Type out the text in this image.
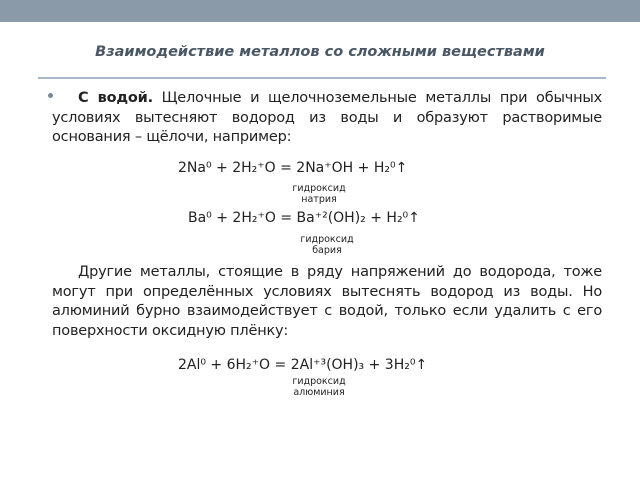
Взаимодействие металлов со сложными веществами
С водой. Щелочные и щелочноземельные металлы при обычных условиях вытесняют водород из воды и образуют растворимые основания – щёлочи, например:
2Na⁰ + 2H₂⁺O = 2Na⁺OH + H₂⁰↑
гидроксид
натрия
Ba⁰ + 2H₂⁺O = Ba⁺²(OH)₂ + H₂⁰↑
гидроксид
бария
Другие металлы, стоящие в ряду напряжений до водорода, тоже могут при определённых условиях вытеснять водород из воды. Но алюминий бурно взаимодействует с водой, только если удалить с его поверхности оксидную плёнку:
2Al⁰ + 6H₂⁺O = 2Al⁺³(OH)₃ + 3H₂⁰↑
гидроксид
алюминия
